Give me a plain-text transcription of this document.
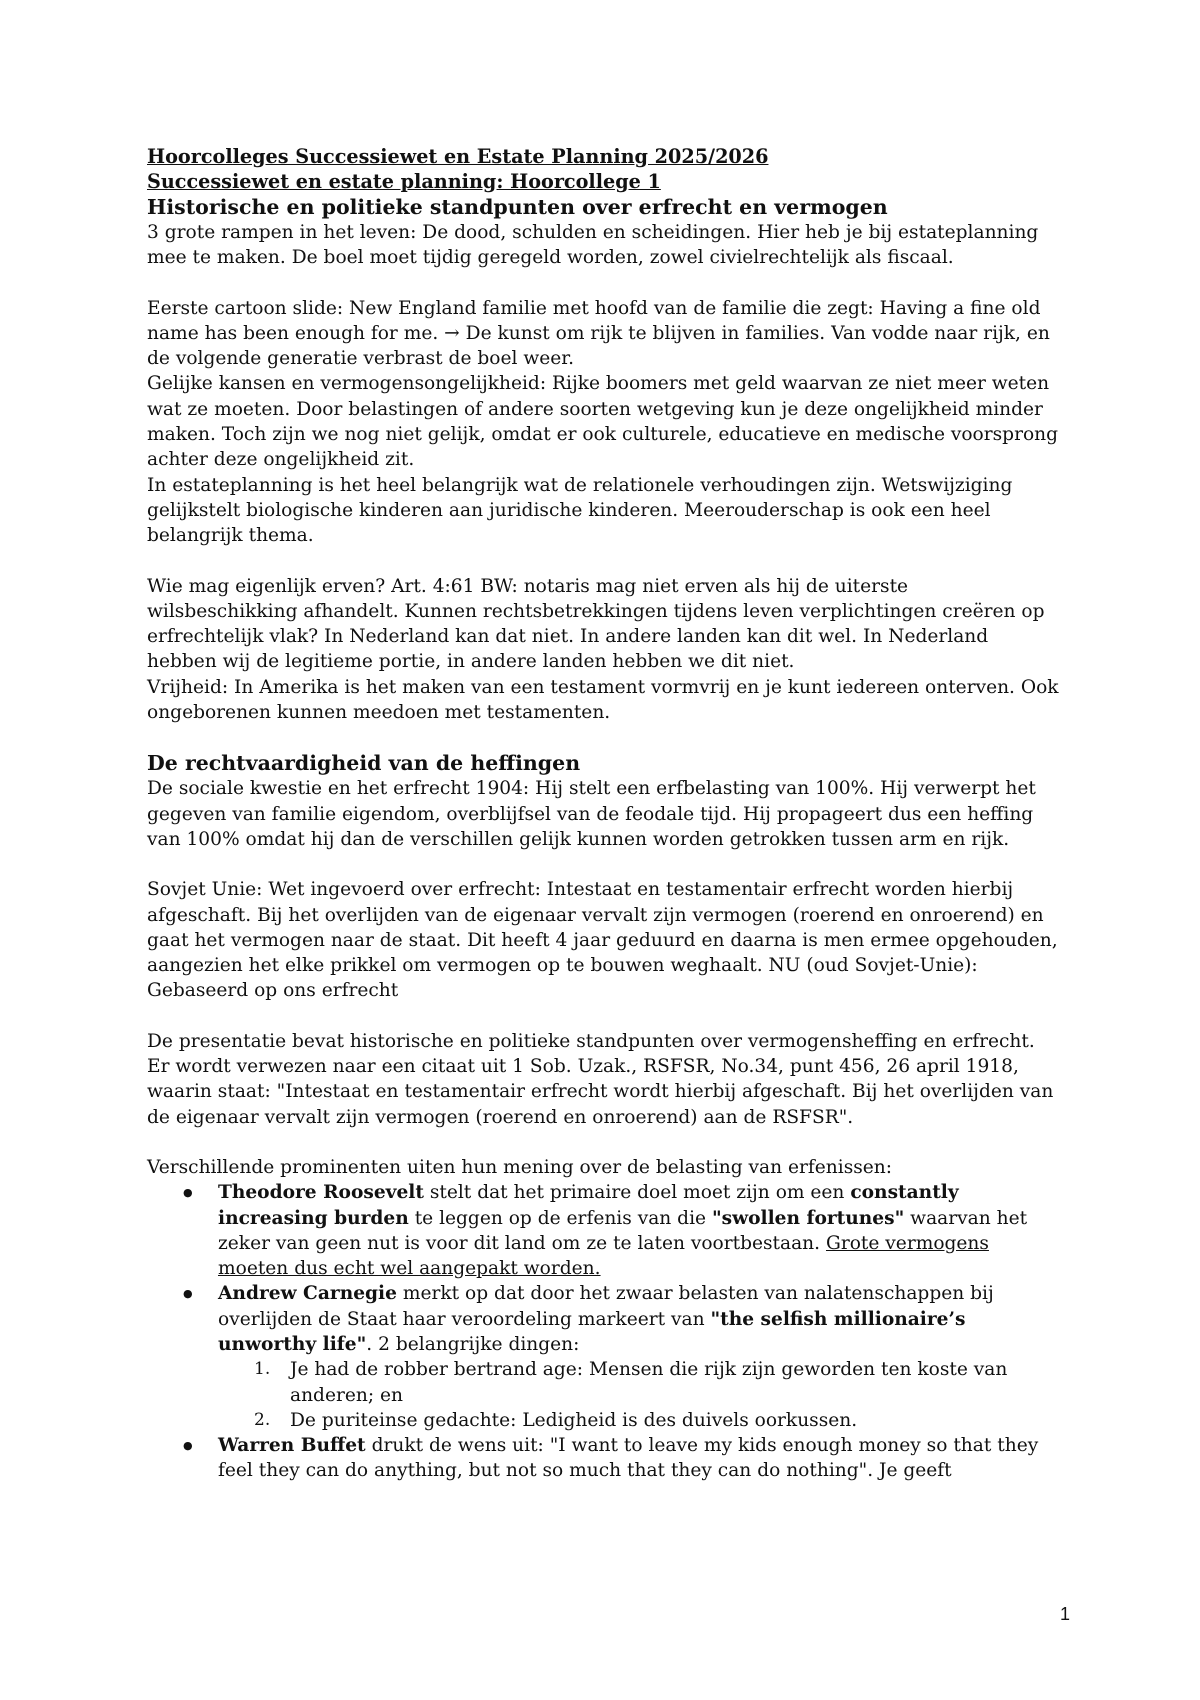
Hoorcolleges Successiewet en Estate Planning 2025/2026

Successiewet en estate planning: Hoorcollege 1

Historische en politieke standpunten over erfrecht en vermogen

3 grote rampen in het leven: De dood, schulden en scheidingen. Hier heb je bij estateplanning mee te maken. De boel moet tijdig geregeld worden, zowel civielrechtelijk als fiscaal.

Eerste cartoon slide: New England familie met hoofd van de familie die zegt: Having a fine old name has been enough for me. → De kunst om rijk te blijven in families. Van vodde naar rijk, en de volgende generatie verbrast de boel weer.

Gelijke kansen en vermogensongelijkheid: Rijke boomers met geld waarvan ze niet meer weten wat ze moeten. Door belastingen of andere soorten wetgeving kun je deze ongelijkheid minder maken. Toch zijn we nog niet gelijk, omdat er ook culturele, educatieve en medische voorsprong achter deze ongelijkheid zit.

In estateplanning is het heel belangrijk wat de relationele verhoudingen zijn. Wetswijziging gelijkstelt biologische kinderen aan juridische kinderen. Meerouderschap is ook een heel belangrijk thema.

Wie mag eigenlijk erven? Art. 4:61 BW: notaris mag niet erven als hij de uiterste wilsbeschikking afhandelt. Kunnen rechtsbetrekkingen tijdens leven verplichtingen creëren op erfrechtelijk vlak? In Nederland kan dat niet. In andere landen kan dit wel. In Nederland hebben wij de legitieme portie, in andere landen hebben we dit niet.

Vrijheid: In Amerika is het maken van een testament vormvrij en je kunt iedereen onterven. Ook ongeborenen kunnen meedoen met testamenten.

De rechtvaardigheid van de heffingen

De sociale kwestie en het erfrecht 1904: Hij stelt een erfbelasting van 100%. Hij verwerpt het gegeven van familie eigendom, overblijfsel van de feodale tijd. Hij propageert dus een heffing van 100% omdat hij dan de verschillen gelijk kunnen worden getrokken tussen arm en rijk.

Sovjet Unie: Wet ingevoerd over erfrecht: Intestaat en testamentair erfrecht worden hierbij afgeschaft. Bij het overlijden van de eigenaar vervalt zijn vermogen (roerend en onroerend) en gaat het vermogen naar de staat. Dit heeft 4 jaar geduurd en daarna is men ermee opgehouden, aangezien het elke prikkel om vermogen op te bouwen weghaalt. NU (oud Sovjet-Unie): Gebaseerd op ons erfrecht

De presentatie bevat historische en politieke standpunten over vermogensheffing en erfrecht. Er wordt verwezen naar een citaat uit 1 Sob. Uzak., RSFSR, No.34, punt 456, 26 april 1918, waarin staat: "Intestaat en testamentair erfrecht wordt hierbij afgeschaft. Bij het overlijden van de eigenaar vervalt zijn vermogen (roerend en onroerend) aan de RSFSR".

Verschillende prominenten uiten hun mening over de belasting van erfenissen:

● Theodore Roosevelt stelt dat het primaire doel moet zijn om een constantly increasing burden te leggen op de erfenis van die "swollen fortunes" waarvan het zeker van geen nut is voor dit land om ze te laten voortbestaan. Grote vermogens moeten dus echt wel aangepakt worden.
● Andrew Carnegie merkt op dat door het zwaar belasten van nalatenschappen bij overlijden de Staat haar veroordeling markeert van "the selfish millionaire’s unworthy life". 2 belangrijke dingen:
1. Je had de robber bertrand age: Mensen die rijk zijn geworden ten koste van anderen; en
2. De puriteinse gedachte: Ledigheid is des duivels oorkussen.
● Warren Buffet drukt de wens uit: "I want to leave my kids enough money so that they feel they can do anything, but not so much that they can do nothing". Je geeft
1
